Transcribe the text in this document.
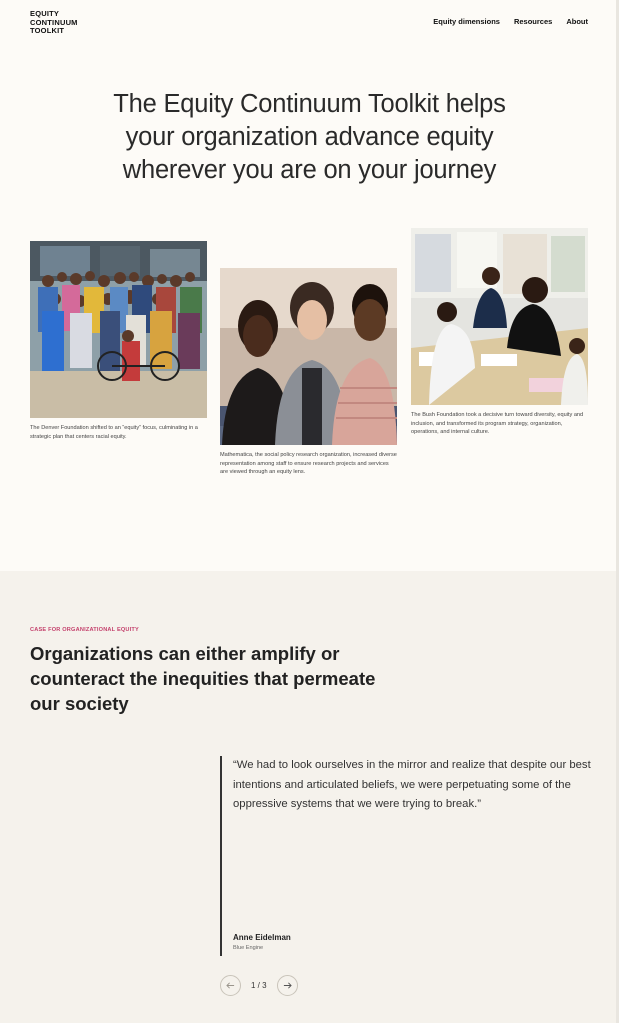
EQUITY
CONTINUUM
TOOLKIT
Equity dimensions Resources About
The Equity Continuum Toolkit helps
your organization advance equity
wherever you are on your journey
The Denver Foundation shifted to an “equity” focus, culminating in a strategic plan that centers racial equity.
Mathematica, the social policy research organization, increased diverse representation among staff to ensure research projects and services are viewed through an equity lens.
The Bush Foundation took a decisive turn toward diversity, equity and inclusion, and transformed its program strategy, organization, operations, and internal culture.
CASE FOR ORGANIZATIONAL EQUITY
Organizations can either amplify or
counteract the inequities that permeate
our society

“We had to look ourselves in the mirror and realize that despite our best intentions and articulated beliefs, we were perpetuating some of the oppressive systems that we were trying to break.”

Anne Eidelman
Blue Engine
1 / 3
